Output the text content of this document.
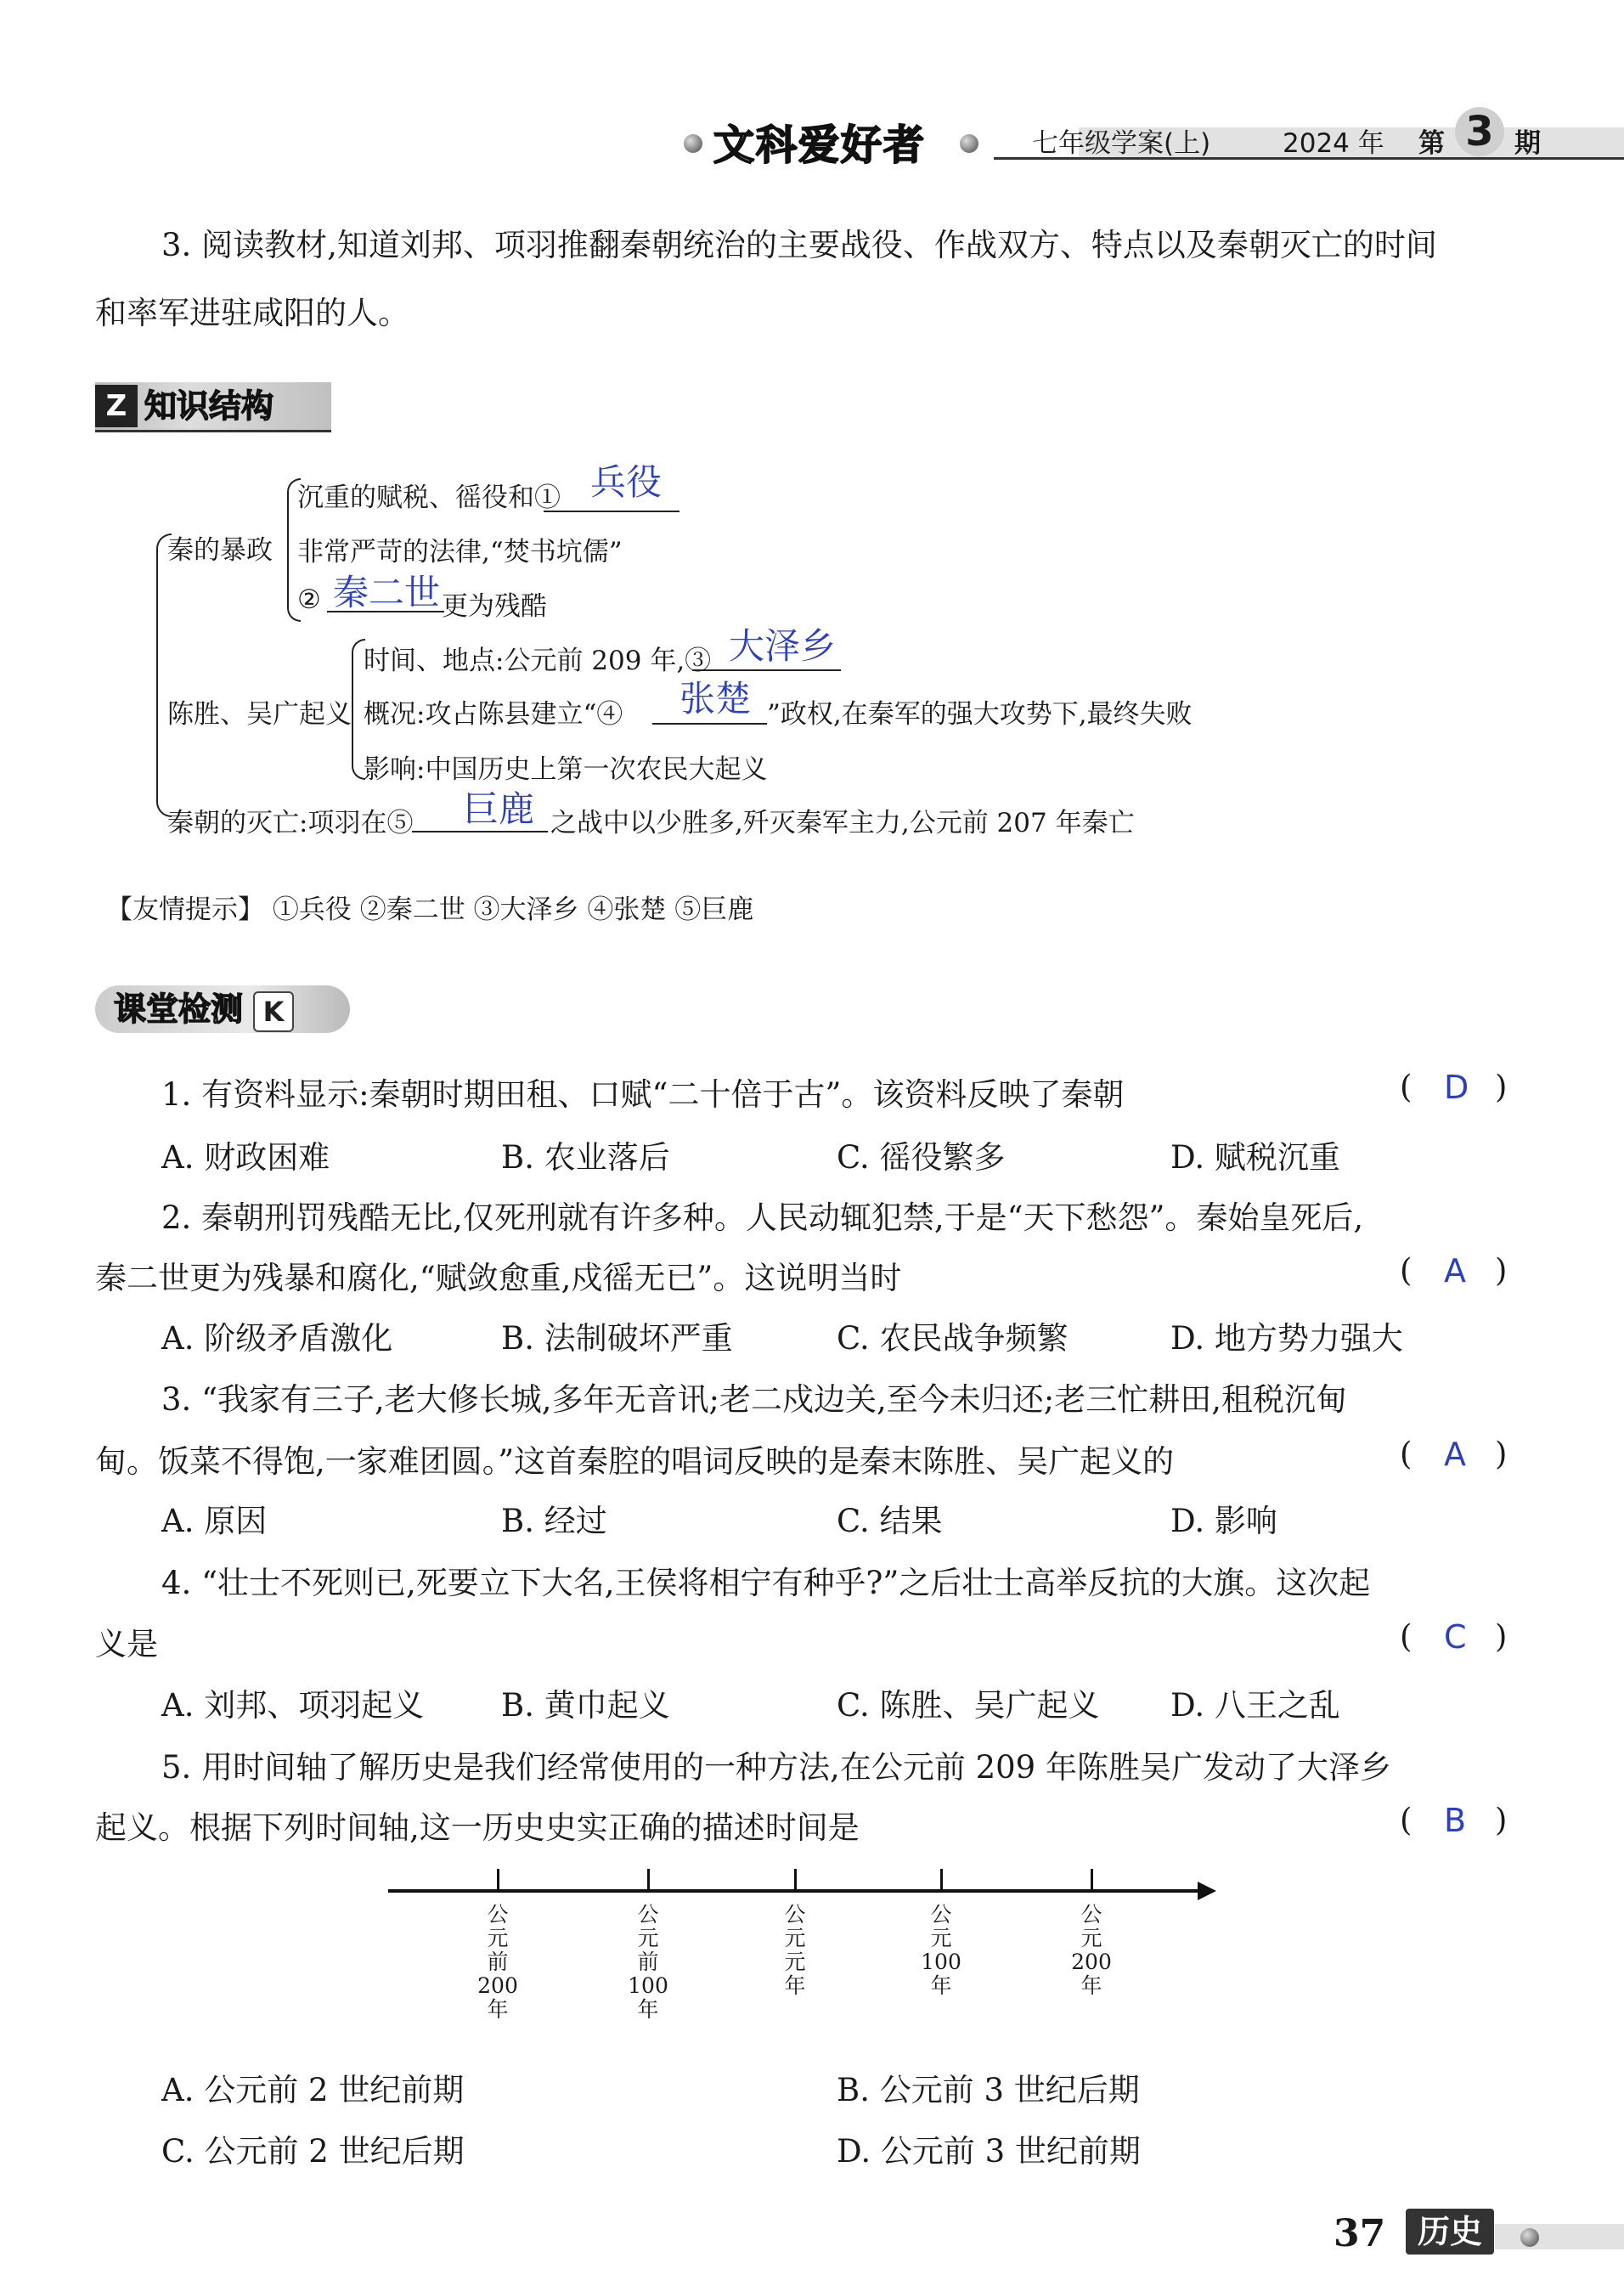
文科爱好者	七年级学案(上)	2024 年 第 3 期
3. 阅读教材,知道刘邦、项羽推翻秦朝统治的主要战役、作战双方、特点以及秦朝灭亡的时间
和率军进驻咸阳的人。
Z 知识结构
秦的暴政
沉重的赋税、徭役和① 兵役
非常严苛的法律,“焚书坑儒”
② 秦二世 更为残酷
陈胜、吴广起义
时间、地点:公元前 209 年,③ 大泽乡
概况:攻占陈县建立“④ 张楚 ”政权,在秦军的强大攻势下,最终失败
影响:中国历史上第一次农民大起义
秦朝的灭亡:项羽在⑤ 巨鹿 之战中以少胜多,歼灭秦军主力,公元前 207 年秦亡
【友情提示】 ①兵役 ②秦二世 ③大泽乡 ④张楚 ⑤巨鹿
课堂检测 K
1. 有资料显示:秦朝时期田租、口赋“二十倍于古”。该资料反映了秦朝	( D )
A. 财政困难	B. 农业落后	C. 徭役繁多	D. 赋税沉重
2. 秦朝刑罚残酷无比,仅死刑就有许多种。人民动辄犯禁,于是“天下愁怨”。秦始皇死后,
秦二世更为残暴和腐化,“赋敛愈重,戍徭无已”。这说明当时	( A )
A. 阶级矛盾激化	B. 法制破坏严重	C. 农民战争频繁	D. 地方势力强大
3. “我家有三子,老大修长城,多年无音讯;老二戍边关,至今未归还;老三忙耕田,租税沉甸
甸。饭菜不得饱,一家难团圆。”这首秦腔的唱词反映的是秦末陈胜、吴广起义的	( A )
A. 原因	B. 经过	C. 结果	D. 影响
4. “壮士不死则已,死要立下大名,王侯将相宁有种乎?”之后壮士高举反抗的大旗。这次起
义是	( C )
A. 刘邦、项羽起义 B. 黄巾起义	C. 陈胜、吴广起义 D. 八王之乱
5. 用时间轴了解历史是我们经常使用的一种方法,在公元前 209 年陈胜吴广发动了大泽乡
起义。根据下列时间轴,这一历史史实正确的描述时间是	( B )
公
元
前
200
年
公
元
前
100
年
公
元
元
年
公
元
100
年
公
元
200
年
A. 公元前 2 世纪前期	B. 公元前 3 世纪后期
C. 公元前 2 世纪后期	D. 公元前 3 世纪前期
37 历史
